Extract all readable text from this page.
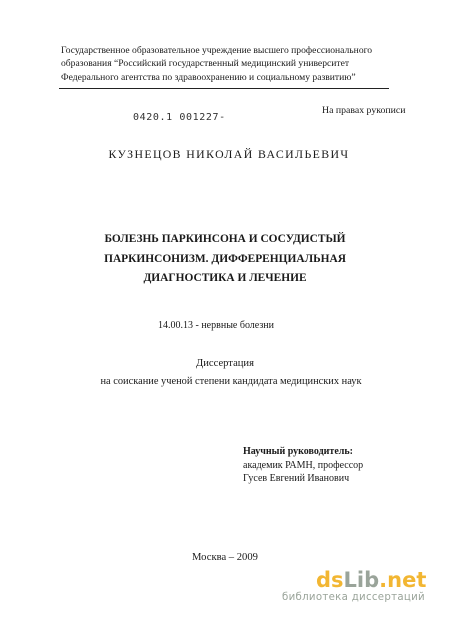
Государственное образовательное учреждение высшего профессионального
образования “Российский государственный медицинский университет
Федерального агентства по здравоохранению и социальному развитию”
На правах рукописи
0420.1 001227-
КУЗНЕЦОВ НИКОЛАЙ ВАСИЛЬЕВИЧ
БОЛЕЗНЬ ПАРКИНСОНА И СОСУДИСТЫЙ
ПАРКИНСОНИЗМ. ДИФФЕРЕНЦИАЛЬНАЯ
ДИАГНОСТИКА И ЛЕЧЕНИЕ
14.00.13 - нервные болезни
Диссертация
на соискание ученой степени кандидата медицинских наук
Научный руководитель:
академик РАМН, профессор
Гусев Евгений Иванович
Москва – 2009
dsLib.net
библиотека диссертаций
